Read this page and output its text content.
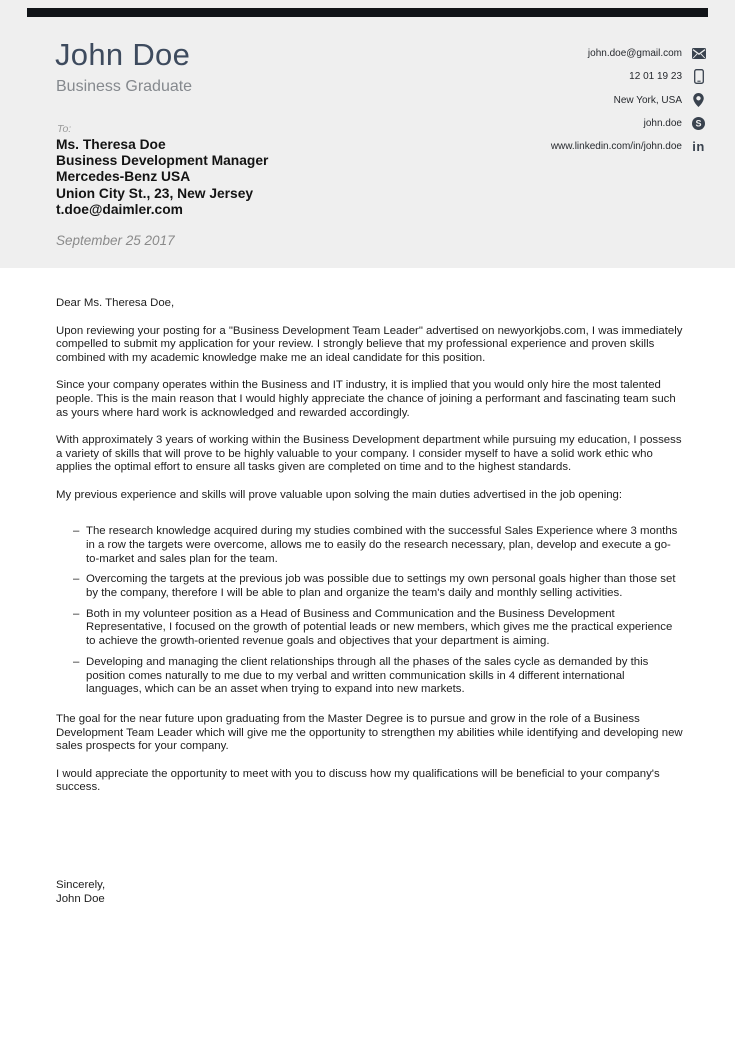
John Doe
Business Graduate
john.doe@gmail.com
12 01 19 23
New York, USA
john.doe S
www.linkedin.com/in/john.doe in
To:
Ms. Theresa Doe
Business Development Manager
Mercedes-Benz USA
Union City St., 23, New Jersey
t.doe@daimler.com
September 25 2017

Dear Ms. Theresa Doe,

Upon reviewing your posting for a "Business Development Team Leader" advertised on newyorkjobs.com, I was immediately compelled to submit my application for your review. I strongly believe that my professional experience and proven skills combined with my academic knowledge make me an ideal candidate for this position.

Since your company operates within the Business and IT industry, it is implied that you would only hire the most talented people. This is the main reason that I would highly appreciate the chance of joining a performant and fascinating team such as yours where hard work is acknowledged and rewarded accordingly.

With approximately 3 years of working within the Business Development department while pursuing my education, I possess a variety of skills that will prove to be highly valuable to your company. I consider myself to have a solid work ethic who applies the optimal effort to ensure all tasks given are completed on time and to the highest standards.

My previous experience and skills will prove valuable upon solving the main duties advertised in the job opening:

– The research knowledge acquired during my studies combined with the successful Sales Experience where 3 months in a row the targets were overcome, allows me to easily do the research necessary, plan, develop and execute a go-to-market and sales plan for the team.
– Overcoming the targets at the previous job was possible due to settings my own personal goals higher than those set by the company, therefore I will be able to plan and organize the team's daily and monthly selling activities.
– Both in my volunteer position as a Head of Business and Communication and the Business Development Representative, I focused on the growth of potential leads or new members, which gives me the practical experience to achieve the growth-oriented revenue goals and objectives that your department is aiming.
– Developing and managing the client relationships through all the phases of the sales cycle as demanded by this position comes naturally to me due to my verbal and written communication skills in 4 different international languages, which can be an asset when trying to expand into new markets.

The goal for the near future upon graduating from the Master Degree is to pursue and grow in the role of a Business Development Team Leader which will give me the opportunity to strengthen my abilities while identifying and developing new sales prospects for your company.

I would appreciate the opportunity to meet with you to discuss how my qualifications will be beneficial to your company's success.

Sincerely,
John Doe
